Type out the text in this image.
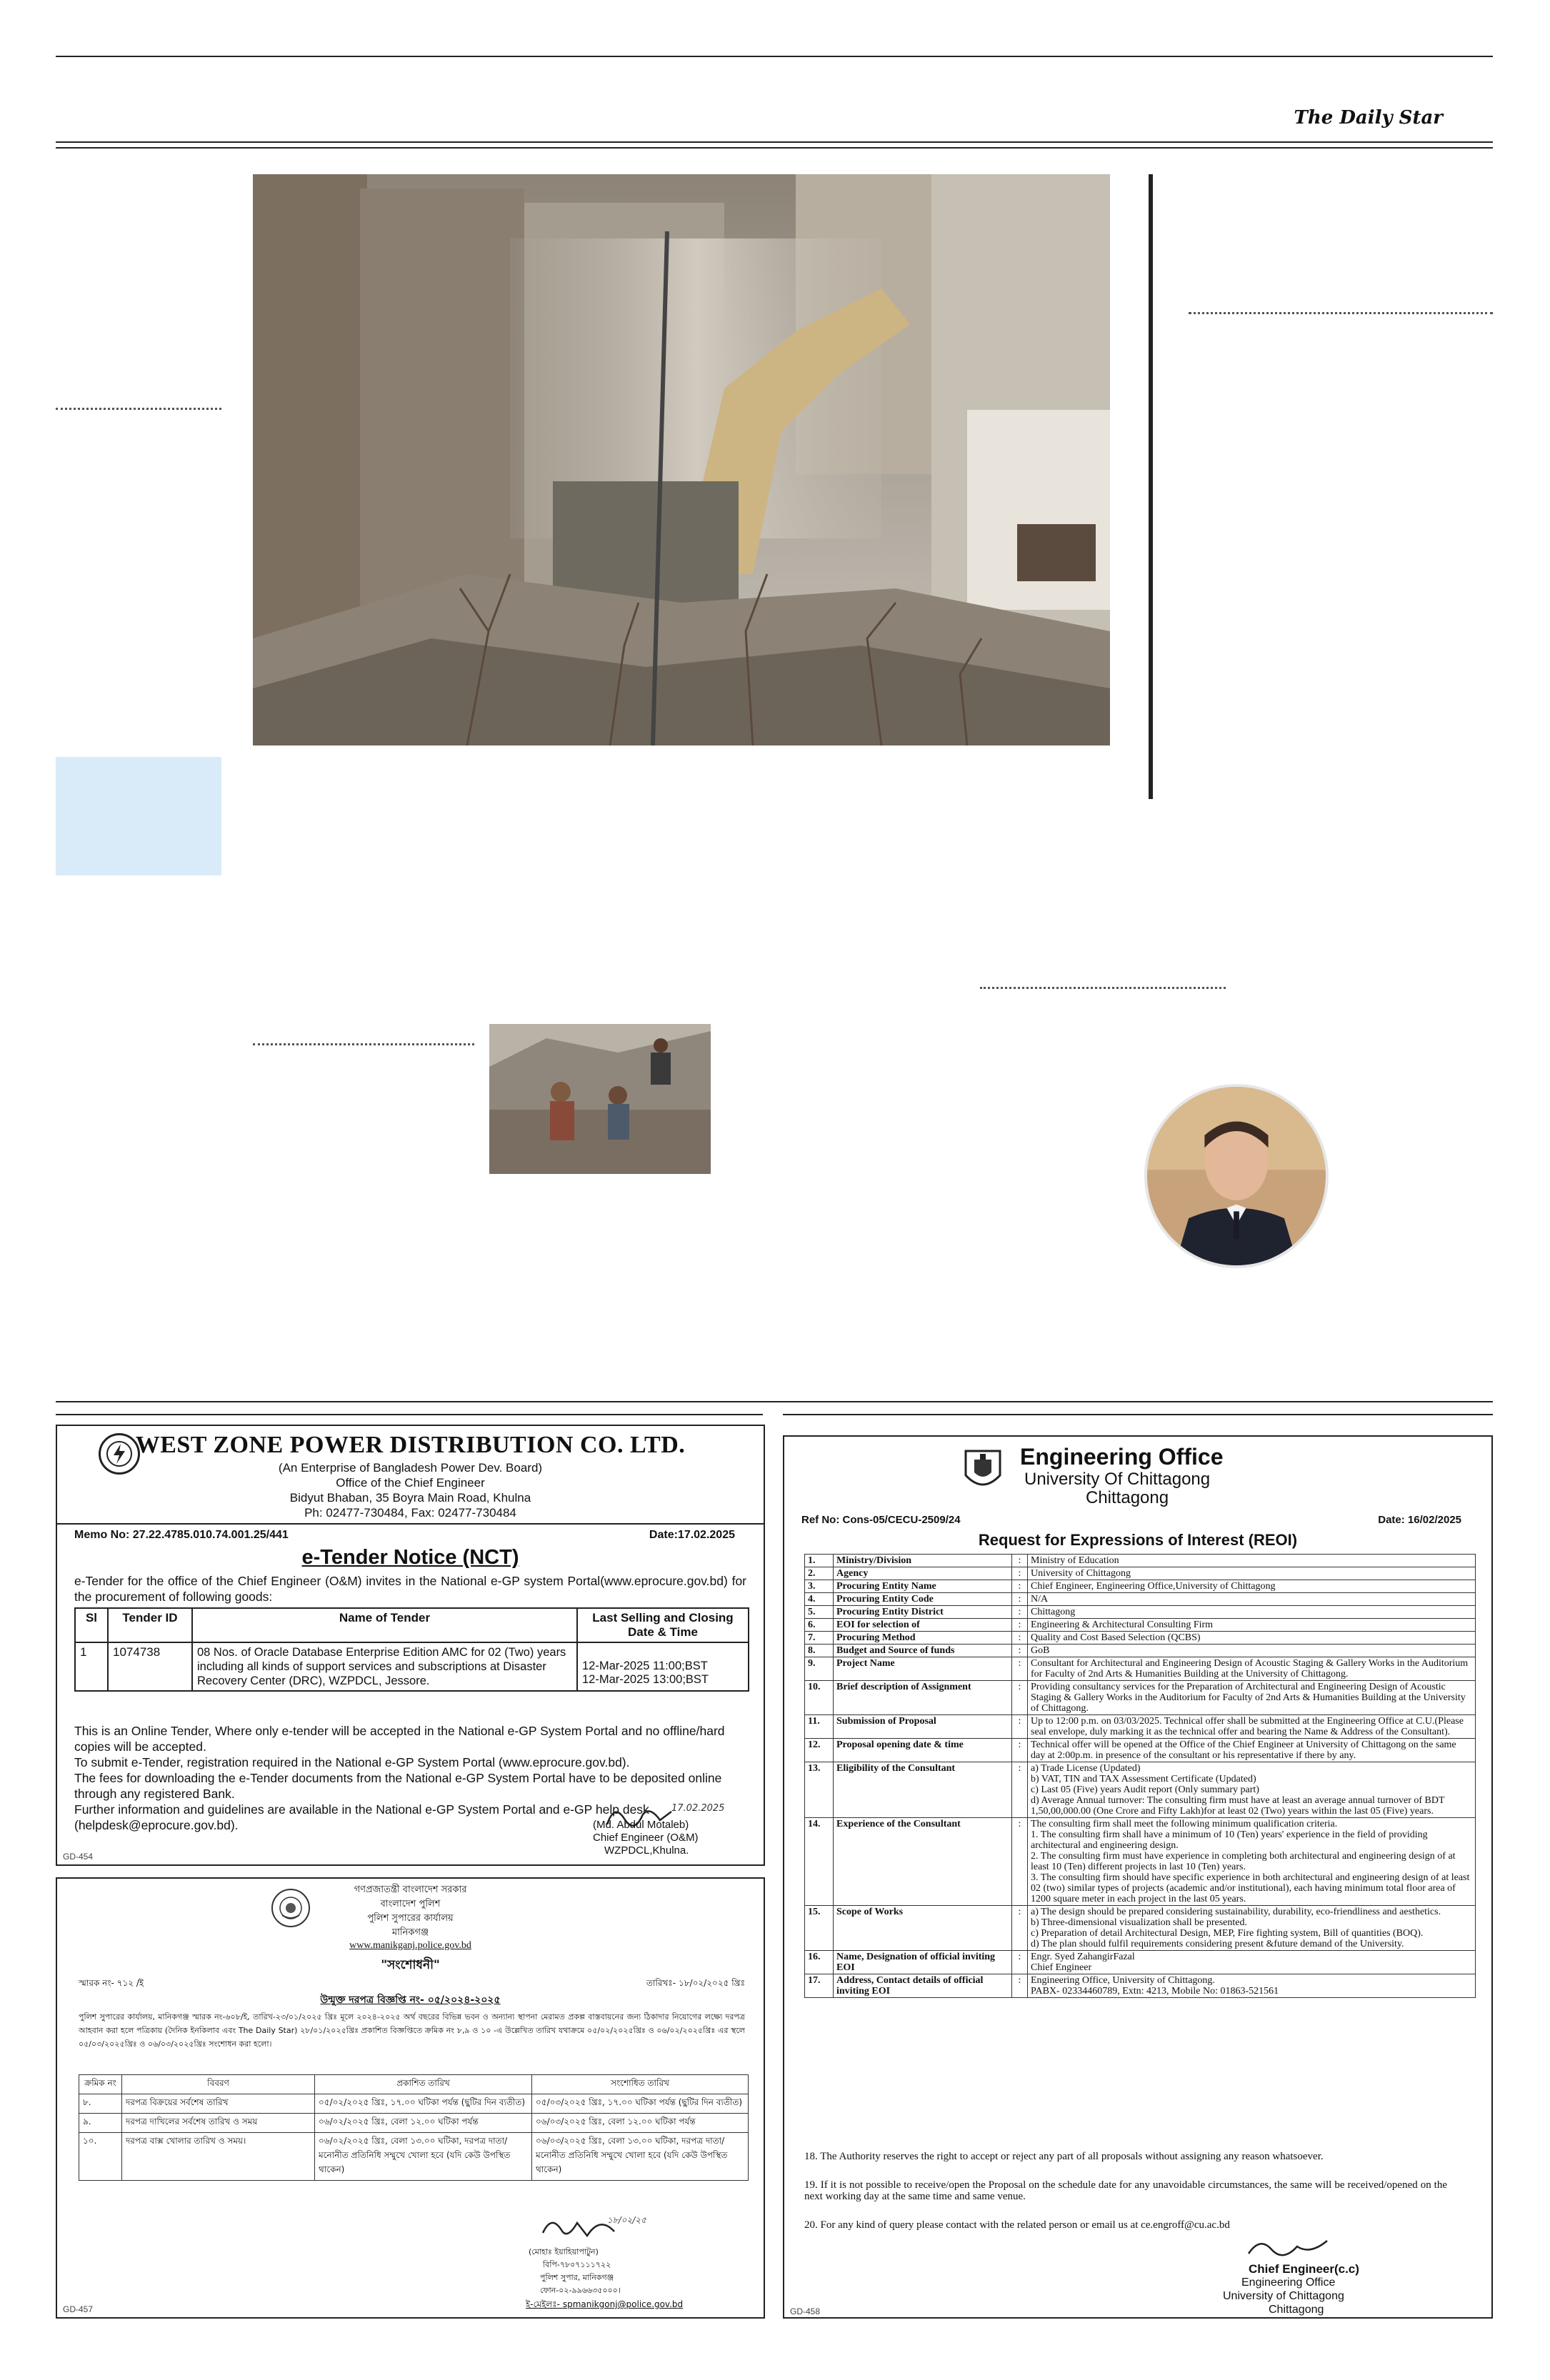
The Daily Star
WEST ZONE POWER DISTRIBUTION CO. LTD.
(An Enterprise of Bangladesh Power Dev. Board)
Office of the Chief Engineer
Bidyut Bhaban, 35 Boyra Main Road, Khulna
Ph: 02477-730484, Fax: 02477-730484
Memo No: 27.22.4785.010.74.001.25/441	Date:17.02.2025
e-Tender Notice (NCT)
e-Tender for the office of the Chief Engineer (O&M) invites in the National e-GP system Portal(www.eprocure.gov.bd) for the procurement of following goods:
Sl	Tender ID	Name of Tender	Last Selling and Closing Date & Time
1	1074738	08 Nos. of Oracle Database Enterprise Edition AMC for 02 (Two) years including all kinds of support services and subscriptions at Disaster Recovery Center (DRC), WZPDCL, Jessore.	12-Mar-2025 11:00;BST
12-Mar-2025 13:00;BST
This is an Online Tender, Where only e-tender will be accepted in the National e-GP System Portal and no offline/hard copies will be accepted.
To submit e-Tender, registration required in the National e-GP System Portal (www.eprocure.gov.bd).
The fees for downloading the e-Tender documents from the National e-GP System Portal have to be deposited online through any registered Bank.
Further information and guidelines are available in the National e-GP System Portal and e-GP help desk (helpdesk@eprocure.gov.bd).
17.02.2025
(Md. Abdul Motaleb)
Chief Engineer (O&M)
WZPDCL,Khulna.
GD-454
গণপ্রজাতন্ত্রী বাংলাদেশ সরকার
বাংলাদেশ পুলিশ
পুলিশ সুপারের কার্যালয়
মানিকগঞ্জ
www.manikganj.police.gov.bd
"সংশোধনী"
স্মারক নং- ৭১২ /ই	তারিখঃ- ১৮/০২/২০২৫ খ্রিঃ
উন্মুক্ত দরপত্র বিজ্ঞপ্তি নং- ০৫/২০২৪-২০২৫
পুলিশ সুপারের কার্যালয়, মানিকগঞ্জ স্মারক নং-৬০৮/ই, তারিখ-২৩/০১/২০২৫ খ্রিঃ মূলে ২০২৪-২০২৫ অর্থ বছরের বিভিন্ন ভবন ও অন্যান্য স্থাপনা মেরামত প্রকল্প বাস্তবায়নের জন্য ঠিকাদার নিয়োগের লক্ষ্যে দরপত্র আহবান করা হলে পত্রিকায় (দৈনিক ইনকিলাব এবং The Daily Star) ২৮/০১/২০২৫খ্রিঃ প্রকাশিত বিজ্ঞপ্তিতে ক্রমিক নং ৮,৯ ও ১০ -এ উল্লেখিত তারিখ যথাক্রমে ০৫/০২/২০২৫খ্রিঃ ও ০৬/০২/২০২৫খ্রিঃ এর স্থলে ০৫/০৩/২০২৫খ্রিঃ ও ০৬/০৩/২০২৫খ্রিঃ সংশোধন করা হলো।
ক্রমিক নং	বিবরণ	প্রকাশিত তারিখ	সংশোধিত তারিখ
৮.	দরপত্র বিক্রয়ের সর্বশেষ তারিখ	০৫/০২/২০২৫ খ্রিঃ, ১৭.০০ ঘটিকা পর্যন্ত (ছুটির দিন ব্যতীত)	০৫/০৩/২০২৫ খ্রিঃ, ১৭.০০ ঘটিকা পর্যন্ত (ছুটির দিন ব্যতীত)
৯.	দরপত্র দাখিলের সর্বশেষ তারিখ ও সময়	০৬/০২/২০২৫ খ্রিঃ, বেলা ১২.০০ ঘটিকা পর্যন্ত	০৬/০৩/২০২৫ খ্রিঃ, বেলা ১২.০০ ঘটিকা পর্যন্ত
১০.	দরপত্র বাক্স খোলার তারিখ ও সময়।	০৬/০২/২০২৫ খ্রিঃ, বেলা ১৩.০০ ঘটিকা, দরপত্র দাতা/মনোনীত প্রতিনিধি সম্মুখে খোলা হবে (যদি কেউ উপস্থিত থাকেন)	০৬/০৩/২০২৫ খ্রিঃ, বেলা ১৩.০০ ঘটিকা, দরপত্র দাতা/মনোনীত প্রতিনিধি সম্মুখে খোলা হবে (যদি কেউ উপস্থিত থাকেন)
১৮/০২/২৫
(মোহাঃ ইয়াহিয়াপাটুন)
বিপি-৭৮০৭১১১৭২২
পুলিশ সুপার, মানিকগঞ্জ
ফোন-০২-৯৯৬৬৩৫০০০।
ই-মেইলঃ- spmanikgonj@police.gov.bd
GD-457
Engineering Office
University Of Chittagong
Chittagong
Ref No: Cons-05/CECU-2509/24	Date: 16/02/2025
Request for Expressions of Interest (REOI)
1.	Ministry/Division	:	Ministry of Education
2.	Agency	:	University of Chittagong
3.	Procuring Entity Name	:	Chief Engineer, Engineering Office,University of Chittagong
4.	Procuring Entity Code	:	N/A
5.	Procuring Entity District	:	Chittagong
6.	EOI for selection of	:	Engineering & Architectural Consulting Firm
7.	Procuring Method	:	Quality and Cost Based Selection (QCBS)
8.	Budget and Source of funds	:	GoB
9.	Project Name	:	Consultant for Architectural and Engineering Design of Acoustic Staging & Gallery Works in the Auditorium for Faculty of 2nd Arts & Humanities Building at the University of Chittagong.
10.	Brief description of Assignment	:	Providing consultancy services for the Preparation of Architectural and Engineering Design of Acoustic Staging & Gallery Works in the Auditorium for Faculty of 2nd Arts & Humanities Building at the University of Chittagong.
11.	Submission of Proposal	:	Up to 12:00 p.m. on 03/03/2025. Technical offer shall be submitted at the Engineering Office at C.U.(Please seal envelope, duly marking it as the technical offer and bearing the Name & Address of the Consultant).
12.	Proposal opening date & time	:	Technical offer will be opened at the Office of the Chief Engineer at University of Chittagong on the same day at 2:00p.m. in presence of the consultant or his representative if there by any.
13.	Eligibility of the Consultant	:	a) Trade License (Updated)
b) VAT, TIN and TAX Assessment Certificate (Updated)
c) Last 05 (Five) years Audit report (Only summary part)
d) Average Annual turnover: The consulting firm must have at least an average annual turnover of BDT 1,50,00,000.00 (One Crore and Fifty Lakh)for at least 02 (Two) years within the last 05 (Five) years.
14.	Experience of the Consultant	:	The consulting firm shall meet the following minimum qualification criteria.
1. The consulting firm shall have a minimum of 10 (Ten) years' experience in the field of providing architectural and engineering design.
2. The consulting firm must have experience in completing both architectural and engineering design of at least 10 (Ten) different projects in last 10 (Ten) years.
3. The consulting firm should have specific experience in both architectural and engineering design of at least 02 (two) similar types of projects (academic and/or institutional), each having minimum total floor area of 1200 square meter in each project in the last 05 years.
15.	Scope of Works	:	a) The design should be prepared considering sustainability, durability, eco-friendliness and aesthetics.
b) Three-dimensional visualization shall be presented.
c) Preparation of detail Architectural Design, MEP, Fire fighting system, Bill of quantities (BOQ).
d) The plan should fulfil requirements considering present &future demand of the University.
16.	Name, Designation of official inviting EOI	:	Engr. Syed ZahangirFazal
Chief Engineer
17.	Address, Contact details of official inviting EOI	:	Engineering Office, University of Chittagong.
PABX- 02334460789, Extn: 4213, Mobile No: 01863-521561
18. The Authority reserves the right to accept or reject any part of all proposals without assigning any reason whatsoever.
19. If it is not possible to receive/open the Proposal on the schedule date for any unavoidable circumstances, the same will be received/opened on the next working day at the same time and same venue.
20. For any kind of query please contact with the related person or email us at ce.engroff@cu.ac.bd
Chief Engineer(c.c)
Engineering Office
University of Chittagong
Chittagong
GD-458
